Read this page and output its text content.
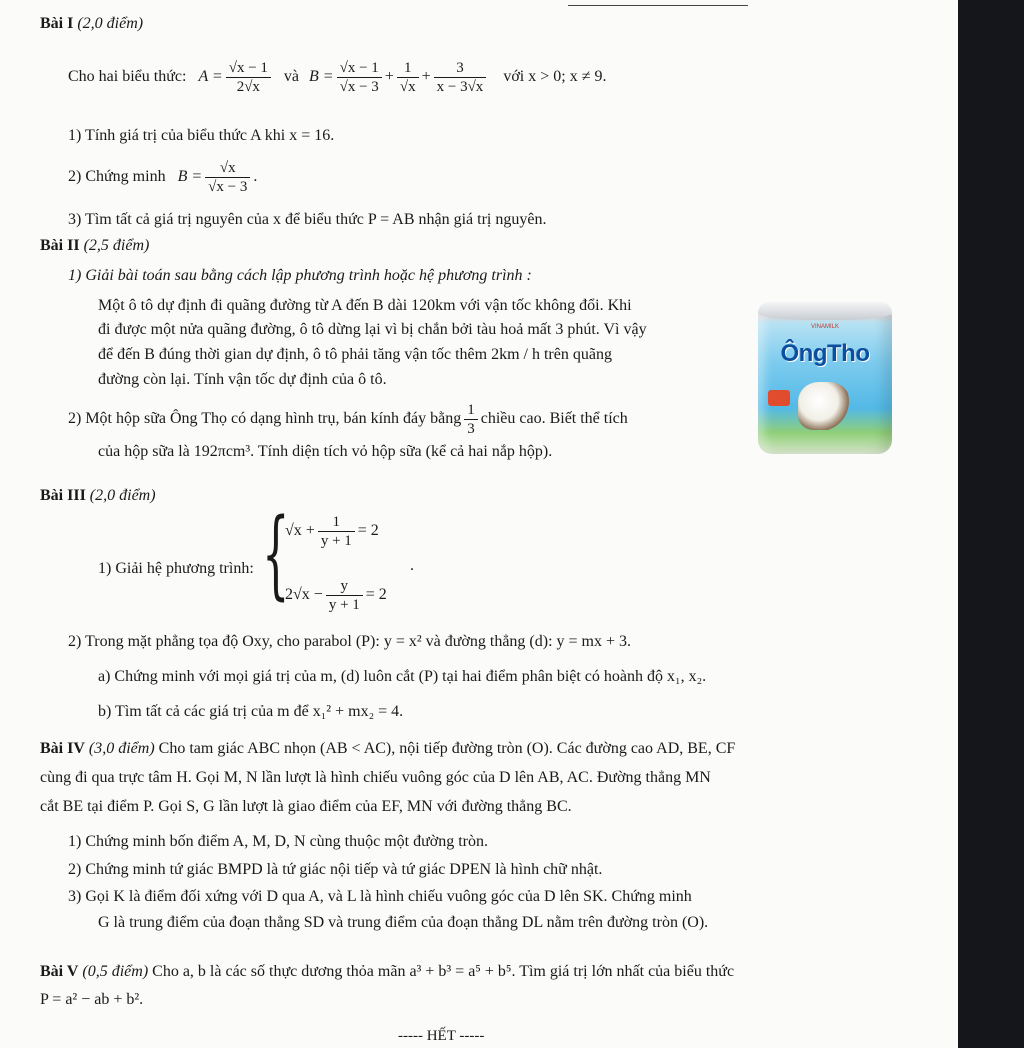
Bài I (2,0 điểm)
Cho hai biểu thức: $A = \frac{√x - 1}{2√x}$ và $B = \frac{√x - 1}{√x - 3} + \frac{1}{√x} + \frac{3}{x - 3√x}$ với x > 0; x ≠ 9.
1) Tính giá trị của biểu thức A khi x = 16.
2) Chứng minh $B = \frac{√x}{√x - 3}$ .
3) Tìm tất cả giá trị nguyên của x để biểu thức P = AB nhận giá trị nguyên.
Bài II (2,5 điểm)
1) Giải bài toán sau bằng cách lập phương trình hoặc hệ phương trình :
Một ô tô dự định đi quãng đường từ A đến B dài 120km với vận tốc không đổi. Khi
đi được một nửa quãng đường, ô tô dừng lại vì bị chắn bởi tàu hoả mất 3 phút. Vì vậy
để đến B đúng thời gian dự định, ô tô phải tăng vận tốc thêm 2km / h trên quãng
đường còn lại. Tính vận tốc dự định của ô tô.
2) Một hộp sữa Ông Thọ có dạng hình trụ, bán kính đáy bằng $\frac{1}{3}$ chiều cao. Biết thể tích
của hộp sữa là 192πcm³. Tính diện tích vỏ hộp sữa (kể cả hai nắp hộp).
VINAMILK
ÔngTho
Bài III (2,0 điểm)
1) Giải hệ phương trình: {
$√x + \frac{1}{y + 1} = 2$
$2√x - \frac{y}{y + 1} = 2$
.
2) Trong mặt phẳng tọa độ Oxy, cho parabol (P): y = x² và đường thẳng (d): y = mx + 3.
a) Chứng minh với mọi giá trị của m, (d) luôn cắt (P) tại hai điểm phân biệt có hoành độ x₁, x₂.
b) Tìm tất cả các giá trị của m để x₁² + mx₂ = 4.
Bài IV (3,0 điểm) Cho tam giác ABC nhọn (AB < AC), nội tiếp đường tròn (O). Các đường cao AD, BE, CF
cùng đi qua trực tâm H. Gọi M, N lần lượt là hình chiếu vuông góc của D lên AB, AC. Đường thẳng MN
cắt BE tại điểm P. Gọi S, G lần lượt là giao điểm của EF, MN với đường thẳng BC.
1) Chứng minh bốn điểm A, M, D, N cùng thuộc một đường tròn.
2) Chứng minh tứ giác BMPD là tứ giác nội tiếp và tứ giác DPEN là hình chữ nhật.
3) Gọi K là điểm đối xứng với D qua A, và L là hình chiếu vuông góc của D lên SK. Chứng minh
G là trung điểm của đoạn thẳng SD và trung điểm của đoạn thẳng DL nằm trên đường tròn (O).
Bài V (0,5 điểm) Cho a, b là các số thực dương thỏa mãn a³ + b³ = a⁵ + b⁵. Tìm giá trị lớn nhất của biểu thức
P = a² − ab + b².
----- HẾT -----
